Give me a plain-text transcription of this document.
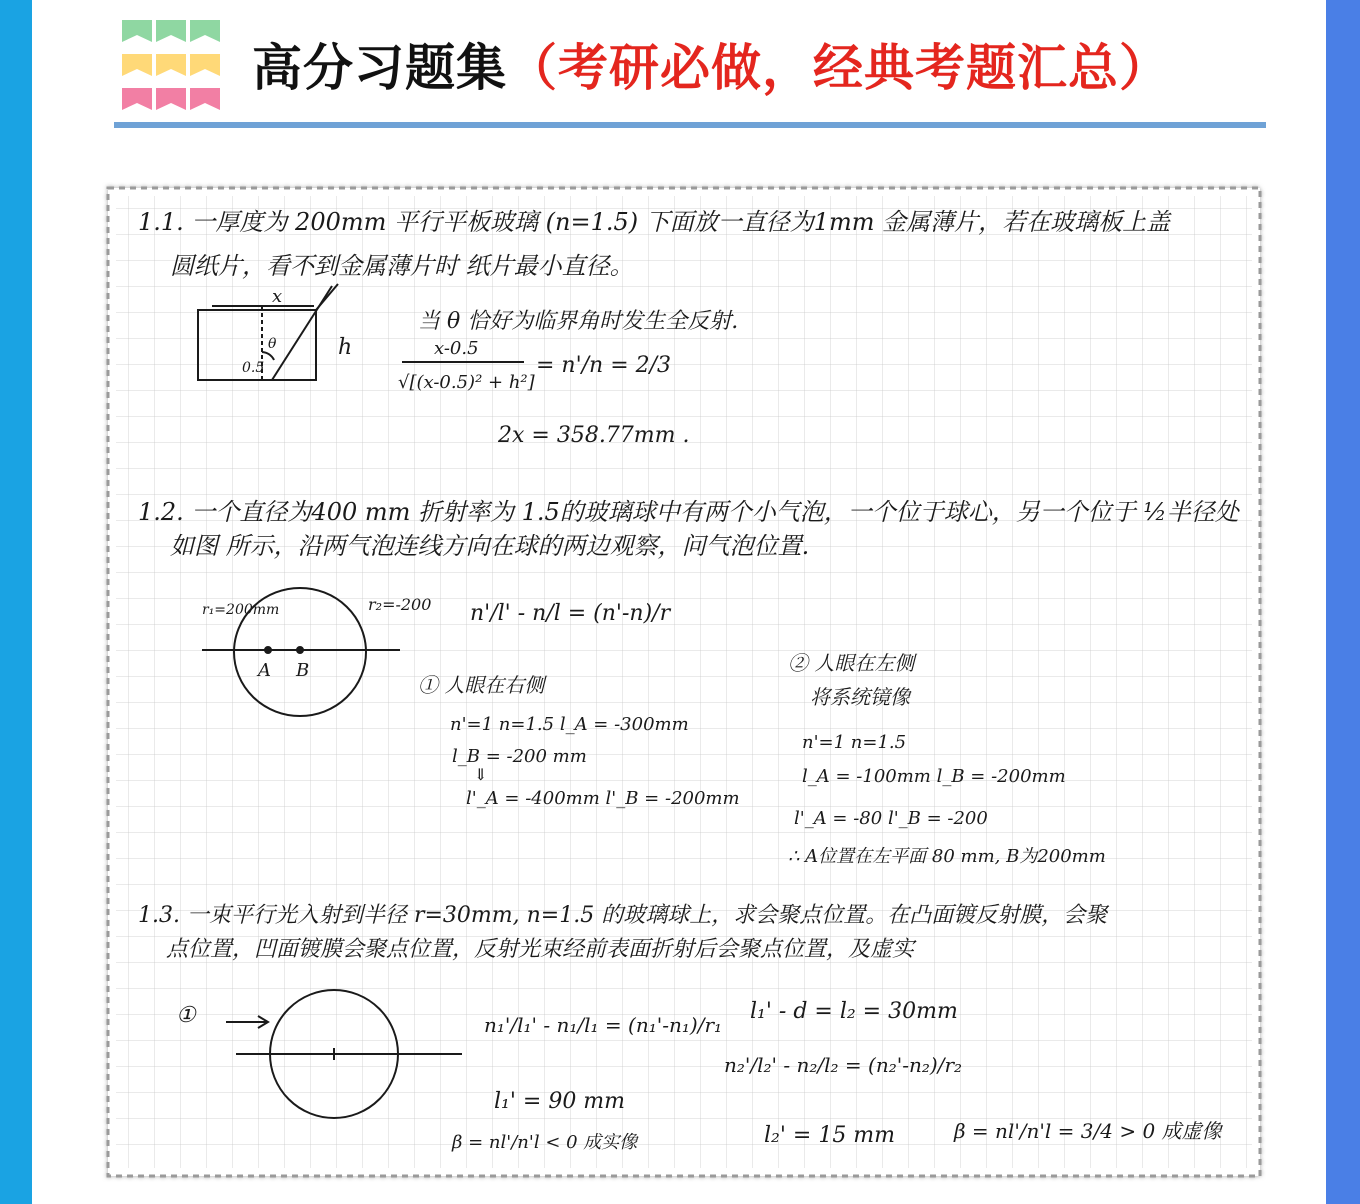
高分习题集（考研必做，经典考题汇总）
1.1. 一厚度为 200mm 平行平板玻璃 (n=1.5) 下面放一直径为1mm 金属薄片，若在玻璃板上盖
圆纸片，看不到金属薄片时 纸片最小直径。
x
h
θ
0.5
当 θ 恰好为临界角时发生全反射.
x-0.5
√[(x-0.5)² + h²]
= n'/n = 2/3
2x = 358.77mm .
1.2. 一个直径为400 mm 折射率为 1.5的玻璃球中有两个小气泡，一个位于球心，另一个位于 ½半径处
如图 所示，沿两气泡连线方向在球的两边观察，问气泡位置.
r₁=200mm	r₂=-200
A B
n'/l' - n/l = (n'-n)/r
① 人眼在右侧
n'=1 n=1.5 l_A = -300mm
l_B = -200 mm
⇓
l'_A = -400mm l'_B = -200mm
② 人眼在左侧
将系统镜像
n'=1 n=1.5
l_A = -100mm l_B = -200mm
l'_A = -80 l'_B = -200
∴ A位置在左平面 80 mm, B为200mm
1.3. 一束平行光入射到半径 r=30mm, n=1.5 的玻璃球上，求会聚点位置。在凸面镀反射膜，会聚
点位置，凹面镀膜会聚点位置，反射光束经前表面折射后会聚点位置，及虚实
①	n₁'/l₁' - n₁/l₁ = (n₁'-n₁)/r₁
l₁' = 90 mm
β = nl'/n'l < 0 成实像
l₁' - d = l₂ = 30mm
n₂'/l₂' - n₂/l₂ = (n₂'-n₂)/r₂
l₂' = 15 mm	β = nl'/n'l = 3/4 > 0 成虚像
